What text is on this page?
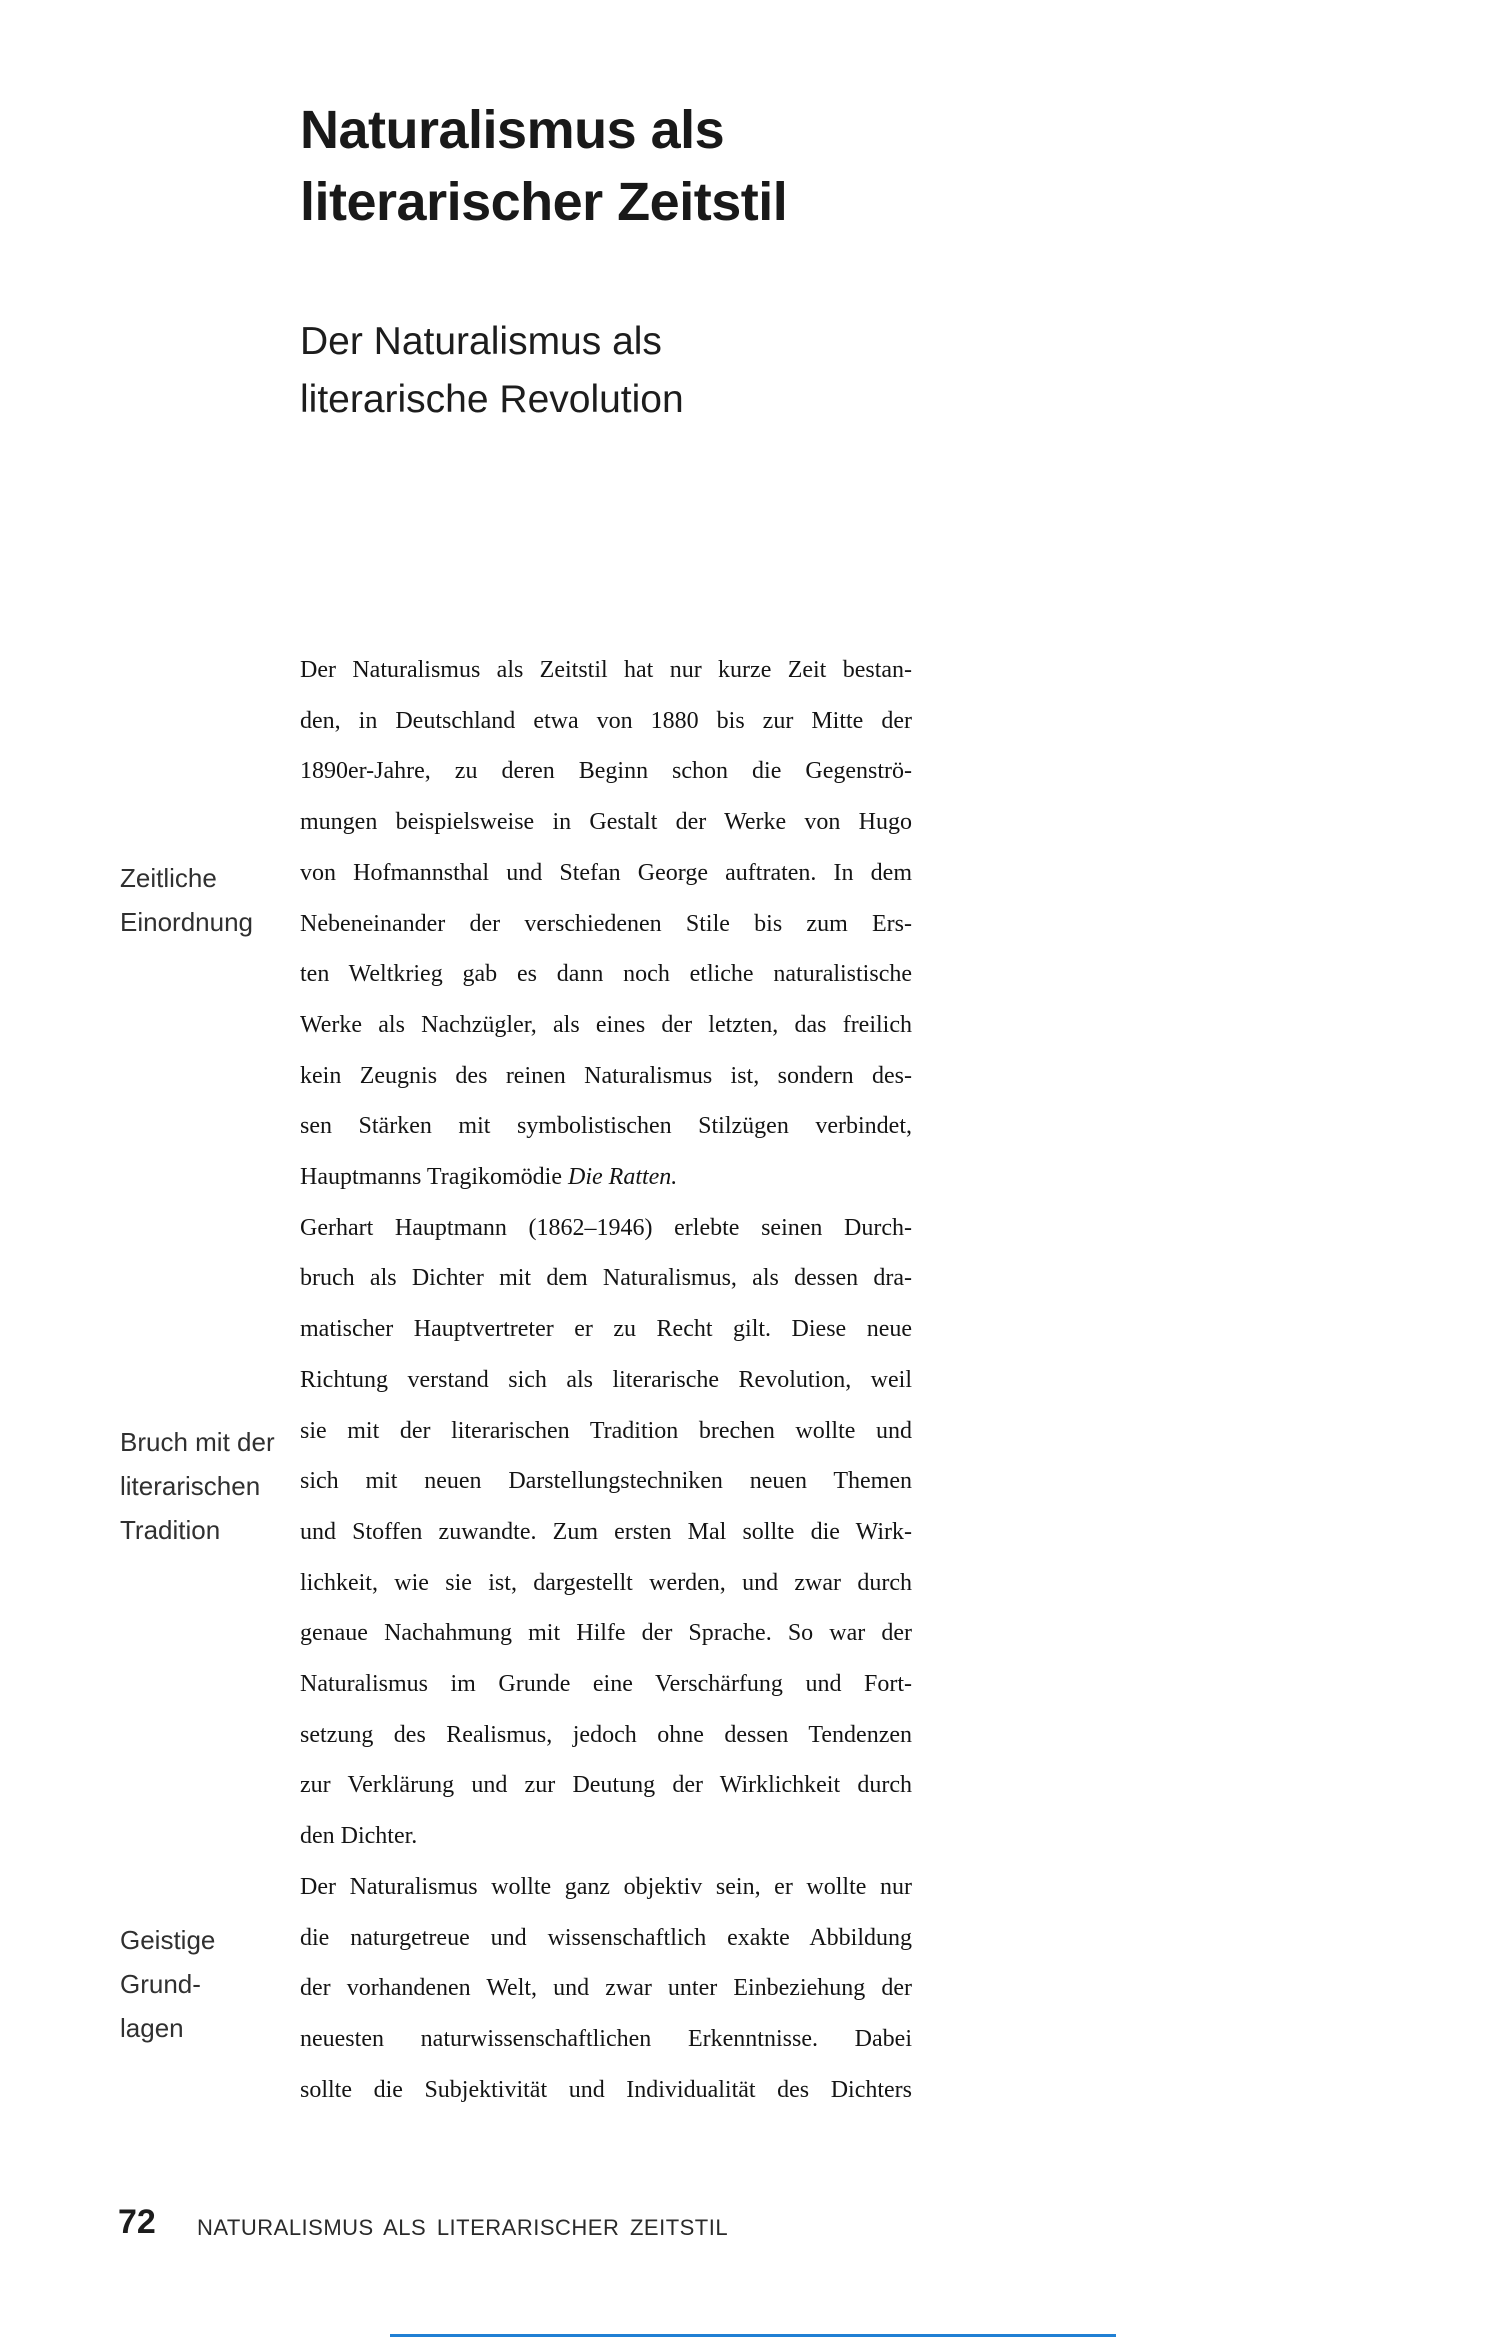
Naturalismus als
literarischer Zeitstil
Der Naturalismus als
literarische Revolution
Zeitliche
Einordnung
Bruch mit der
literarischen
Tradition
Geistige Grund-
lagen
Der Naturalismus als Zeitstil hat nur kurze Zeit bestan-
den, in Deutschland etwa von 1880 bis zur Mitte der
1890er-Jahre, zu deren Beginn schon die Gegenströ-
mungen beispielsweise in Gestalt der Werke von Hugo
von Hofmannsthal und Stefan George auftraten. In dem
Nebeneinander der verschiedenen Stile bis zum Ers-
ten Weltkrieg gab es dann noch etliche naturalistische
Werke als Nachzügler, als eines der letzten, das freilich
kein Zeugnis des reinen Naturalismus ist, sondern des-
sen Stärken mit symbolistischen Stilzügen verbindet,
Hauptmanns Tragikomödie Die Ratten.
Gerhart Hauptmann (1862–1946) erlebte seinen Durch-
bruch als Dichter mit dem Naturalismus, als dessen dra-
matischer Hauptvertreter er zu Recht gilt. Diese neue
Richtung verstand sich als literarische Revolution, weil
sie mit der literarischen Tradition brechen wollte und
sich mit neuen Darstellungstechniken neuen Themen
und Stoffen zuwandte. Zum ersten Mal sollte die Wirk-
lichkeit, wie sie ist, dargestellt werden, und zwar durch
genaue Nachahmung mit Hilfe der Sprache. So war der
Naturalismus im Grunde eine Verschärfung und Fort-
setzung des Realismus, jedoch ohne dessen Tendenzen
zur Verklärung und zur Deutung der Wirklichkeit durch
den Dichter.
Der Naturalismus wollte ganz objektiv sein, er wollte nur
die naturgetreue und wissenschaftlich exakte Abbildung
der vorhandenen Welt, und zwar unter Einbeziehung der
neuesten naturwissenschaftlichen Erkenntnisse. Dabei
sollte die Subjektivität und Individualität des Dichters
72 NATURALISMUS ALS LITERARISCHER ZEITSTIL
